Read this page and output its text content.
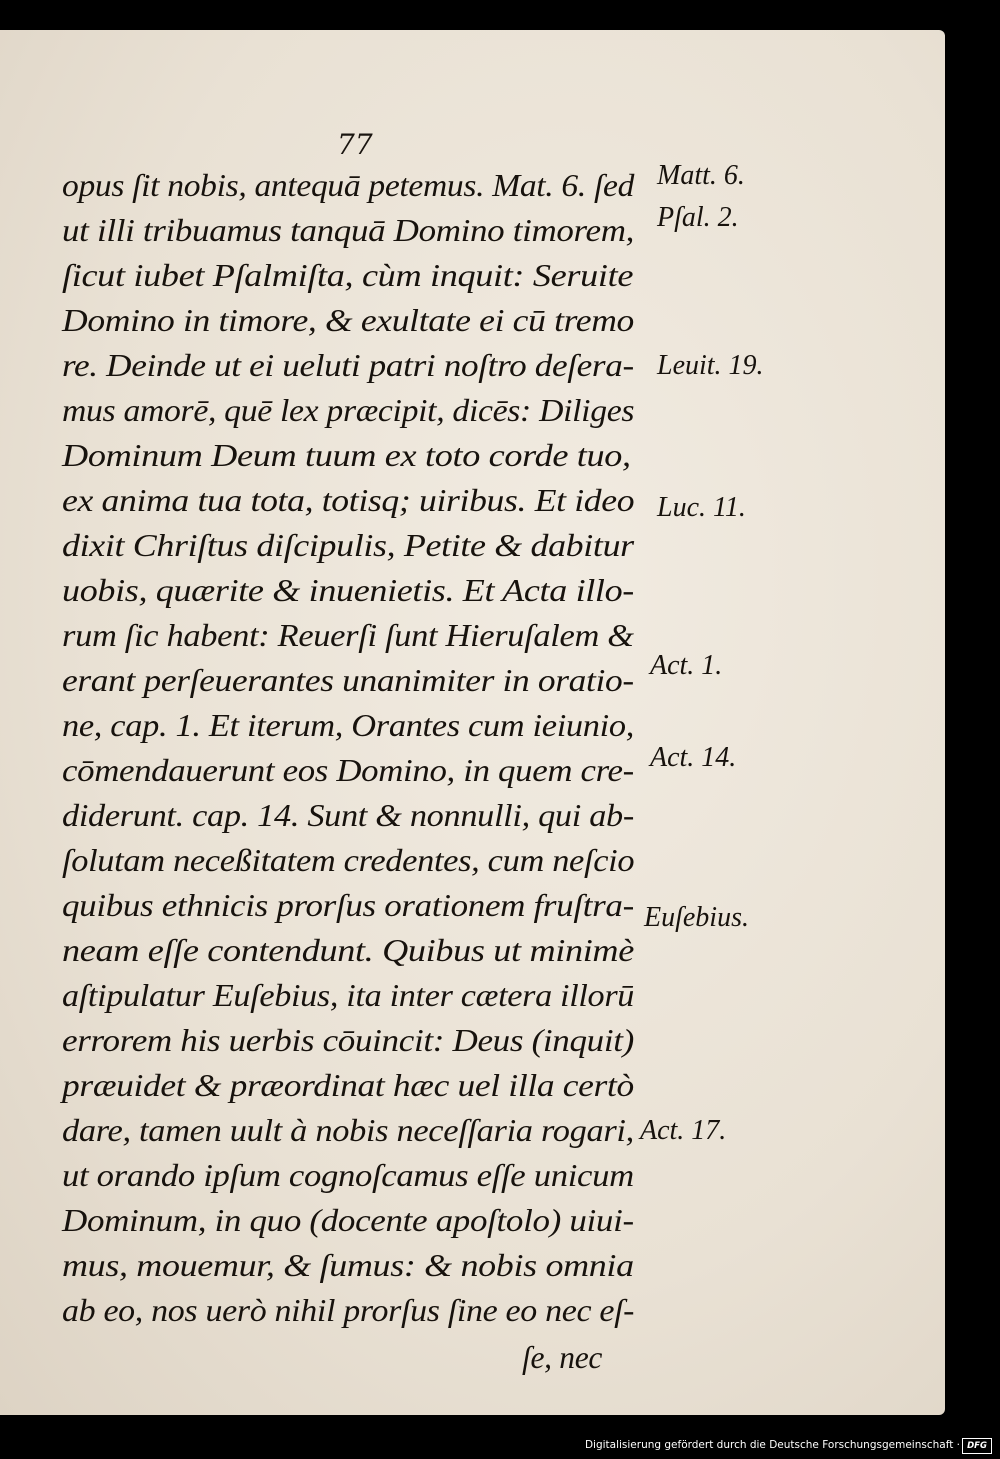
77
opus ſit nobis, antequā petemus. Mat. 6. ſed
ut illi tribuamus tanquā Domino timorem,
ſicut iubet Pſalmiſta, cùm inquit: Seruite
Domino in timore, & exultate ei cū tremo
re. Deinde ut ei ueluti patri noſtro deſera-
mus amorē, quē lex præcipit, dicēs: Diliges
Dominum Deum tuum ex toto corde tuo,
ex anima tua tota, totisq; uiribus. Et ideo
dixit Chriſtus diſcipulis, Petite & dabitur
uobis, quærite & inuenietis. Et Acta illo-
rum ſic habent: Reuerſi ſunt Hieruſalem &
erant perſeuerantes unanimiter in oratio-
ne, cap. 1. Et iterum, Orantes cum ieiunio,
cōmendauerunt eos Domino, in quem cre-
diderunt. cap. 14. Sunt & nonnulli, qui ab-
ſolutam neceßitatem credentes, cum neſcio
quibus ethnicis prorſus orationem fruſtra-
neam eſſe contendunt. Quibus ut minimè
aſtipulatur Euſebius, ita inter cætera illorū
errorem his uerbis cōuincit: Deus (inquit)
præuidet & præordinat hæc uel illa certò
dare, tamen uult à nobis neceſſaria rogari,
ut orando ipſum cognoſcamus eſſe unicum
Dominum, in quo (docente apoſtolo) uiui-
mus, mouemur, & ſumus: & nobis omnia
ab eo, nos uerò nihil prorſus ſine eo nec eſ-
ſe, nec
Matt. 6.
Pſal. 2.
Leuit. 19.
Luc. 11.
Act. 1.
Act. 14.
Euſebius.
Act. 17.
Digitalisierung gefördert durch die Deutsche Forschungsgemeinschaft · DFG
